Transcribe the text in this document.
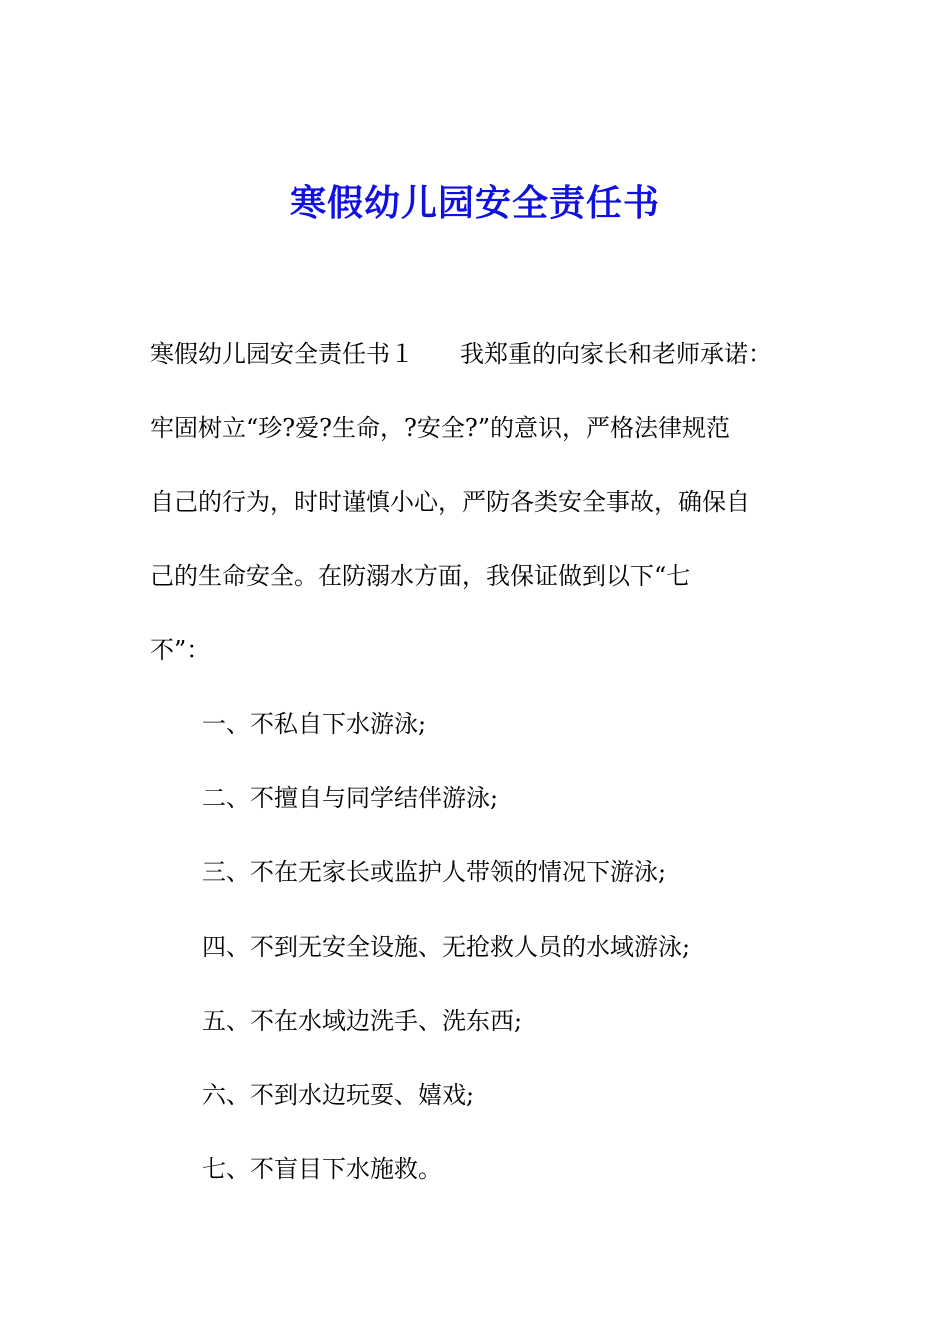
寒假幼儿园安全责任书
寒假幼儿园安全责任书１ 我郑重的向家长和老师承诺：
牢固树立“珍?爱?生命，?安全?”的意识，严格法律规范
自己的行为，时时谨慎小心，严防各类安全事故，确保自
己的生命安全。在防溺水方面，我保证做到以下“七
不”：
一、不私自下水游泳;
二、不擅自与同学结伴游泳;
三、不在无家长或监护人带领的情况下游泳;
四、不到无安全设施、无抢救人员的水域游泳;
五、不在水域边洗手、洗东西;
六、不到水边玩耍、嬉戏;
七、不盲目下水施救。
